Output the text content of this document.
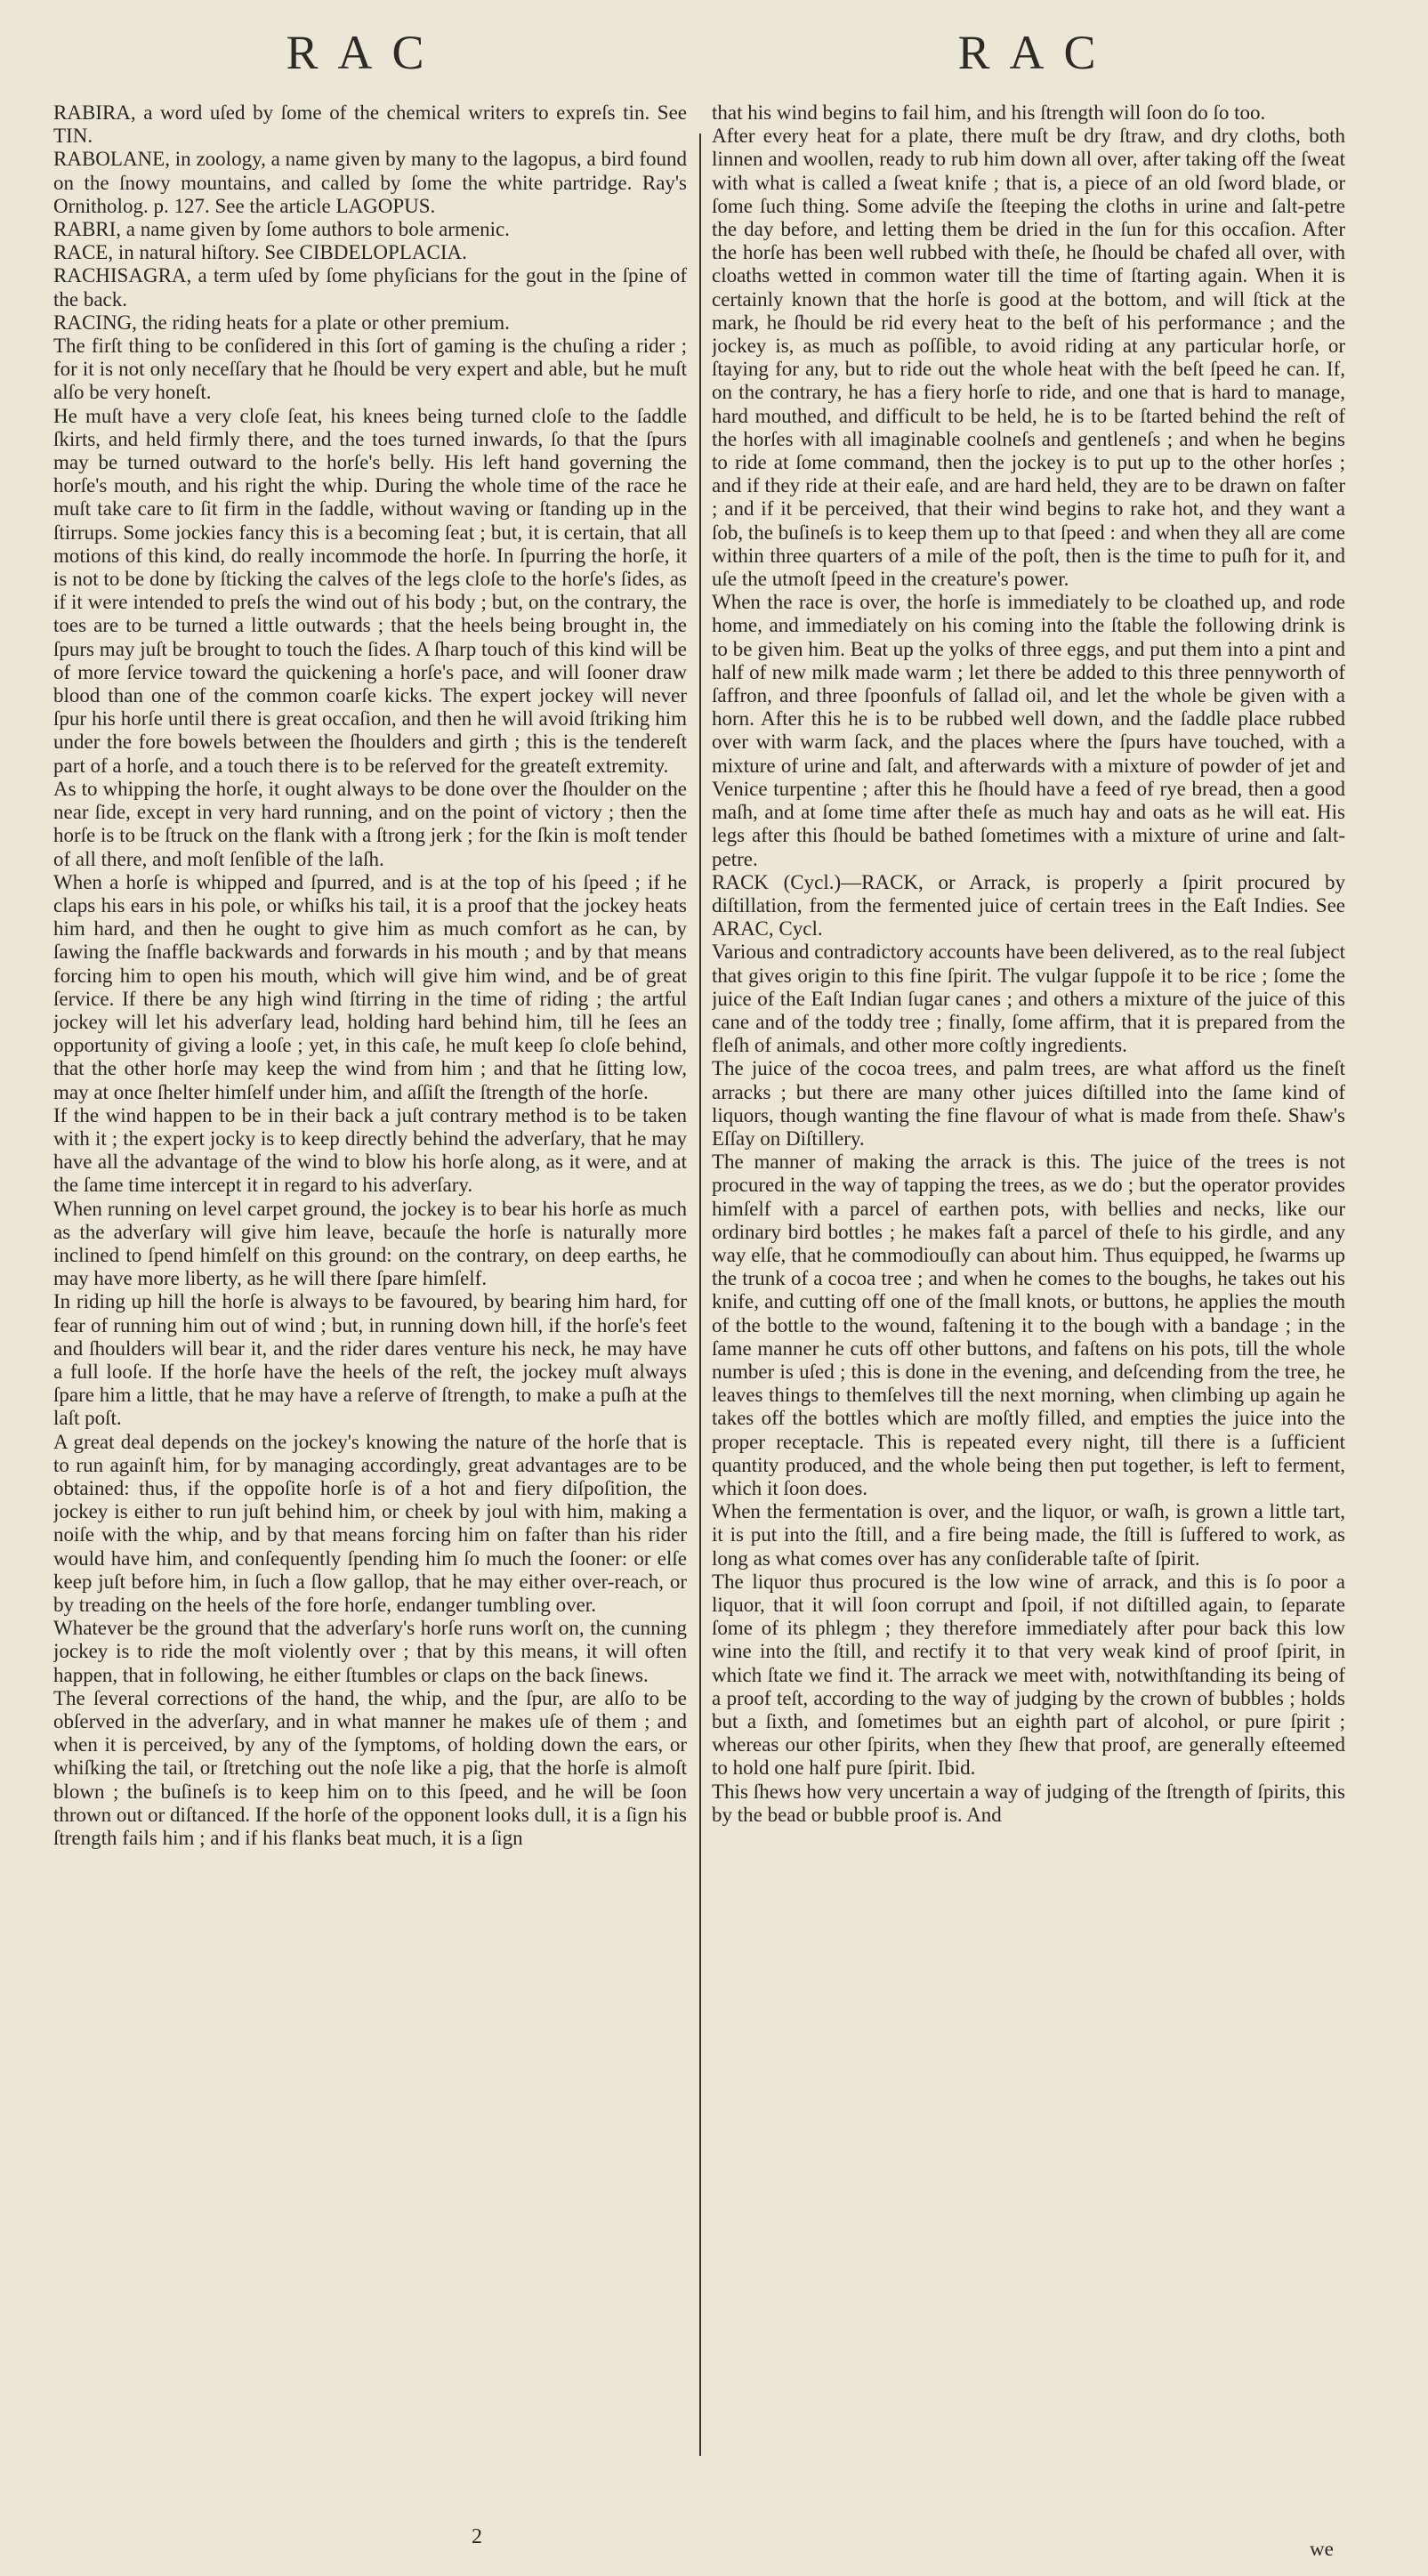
RAC	RAC

RABIRA, a word uſed by ſome of the chemical writers to expreſs tin. See TIN.

RABOLANE, in zoology, a name given by many to the lagopus, a bird found on the ſnowy mountains, and called by ſome the white partridge. Ray's Ornitholog. p. 127. See the article LAGOPUS.

RABRI, a name given by ſome authors to bole armenic.

RACE, in natural hiſtory. See CIBDELOPLACIA.

RACHISAGRA, a term uſed by ſome phyſicians for the gout in the ſpine of the back.

RACING, the riding heats for a plate or other premium.

The firſt thing to be conſidered in this ſort of gaming is the chuſing a rider ; for it is not only neceſſary that he ſhould be very expert and able, but he muſt alſo be very honeſt.

He muſt have a very cloſe ſeat, his knees being turned cloſe to the ſaddle ſkirts, and held firmly there, and the toes turned inwards, ſo that the ſpurs may be turned outward to the horſe's belly. His left hand governing the horſe's mouth, and his right the whip. During the whole time of the race he muſt take care to ſit firm in the ſaddle, without waving or ſtanding up in the ſtirrups. Some jockies fancy this is a becoming ſeat ; but, it is certain, that all motions of this kind, do really incommode the horſe. In ſpurring the horſe, it is not to be done by ſticking the calves of the legs cloſe to the horſe's ſides, as if it were intended to preſs the wind out of his body ; but, on the contrary, the toes are to be turned a little outwards ; that the heels being brought in, the ſpurs may juſt be brought to touch the ſides. A ſharp touch of this kind will be of more ſervice toward the quickening a horſe's pace, and will ſooner draw blood than one of the common coarſe kicks. The expert jockey will never ſpur his horſe until there is great occaſion, and then he will avoid ſtriking him under the fore bowels between the ſhoulders and girth ; this is the tendereſt part of a horſe, and a touch there is to be reſerved for the greateſt extremity.

As to whipping the horſe, it ought always to be done over the ſhoulder on the near ſide, except in very hard running, and on the point of victory ; then the horſe is to be ſtruck on the flank with a ſtrong jerk ; for the ſkin is moſt tender of all there, and moſt ſenſible of the laſh.

When a horſe is whipped and ſpurred, and is at the top of his ſpeed ; if he claps his ears in his pole, or whiſks his tail, it is a proof that the jockey heats him hard, and then he ought to give him as much comfort as he can, by ſawing the ſnaffle backwards and forwards in his mouth ; and by that means forcing him to open his mouth, which will give him wind, and be of great ſervice. If there be any high wind ſtirring in the time of riding ; the artful jockey will let his adverſary lead, holding hard behind him, till he ſees an opportunity of giving a looſe ; yet, in this caſe, he muſt keep ſo cloſe behind, that the other horſe may keep the wind from him ; and that he ſitting low, may at once ſhelter himſelf under him, and aſſiſt the ſtrength of the horſe.

If the wind happen to be in their back a juſt contrary method is to be taken with it ; the expert jocky is to keep directly behind the adverſary, that he may have all the advantage of the wind to blow his horſe along, as it were, and at the ſame time intercept it in regard to his adverſary.

When running on level carpet ground, the jockey is to bear his horſe as much as the adverſary will give him leave, becauſe the horſe is naturally more inclined to ſpend himſelf on this ground: on the contrary, on deep earths, he may have more liberty, as he will there ſpare himſelf.

In riding up hill the horſe is always to be favoured, by bearing him hard, for fear of running him out of wind ; but, in running down hill, if the horſe's feet and ſhoulders will bear it, and the rider dares venture his neck, he may have a full looſe. If the horſe have the heels of the reſt, the jockey muſt always ſpare him a little, that he may have a reſerve of ſtrength, to make a puſh at the laſt poſt.

A great deal depends on the jockey's knowing the nature of the horſe that is to run againſt him, for by managing accordingly, great advantages are to be obtained: thus, if the oppoſite horſe is of a hot and fiery diſpoſition, the jockey is either to run juſt behind him, or cheek by joul with him, making a noiſe with the whip, and by that means forcing him on faſter than his rider would have him, and conſequently ſpending him ſo much the ſooner: or elſe keep juſt before him, in ſuch a ſlow gallop, that he may either over-reach, or by treading on the heels of the fore horſe, endanger tumbling over.

Whatever be the ground that the adverſary's horſe runs worſt on, the cunning jockey is to ride the moſt violently over ; that by this means, it will often happen, that in following, he either ſtumbles or claps on the back ſinews.

The ſeveral corrections of the hand, the whip, and the ſpur, are alſo to be obſerved in the adverſary, and in what manner he makes uſe of them ; and when it is perceived, by any of the ſymptoms, of holding down the ears, or whiſking the tail, or ſtretching out the noſe like a pig, that the horſe is almoſt blown ; the buſineſs is to keep him on to this ſpeed, and he will be ſoon thrown out or diſtanced. If the horſe of the opponent looks dull, it is a ſign his ſtrength fails him ; and if his flanks beat much, it is a ſign

that his wind begins to fail him, and his ſtrength will ſoon do ſo too.

After every heat for a plate, there muſt be dry ſtraw, and dry cloths, both linnen and woollen, ready to rub him down all over, after taking off the ſweat with what is called a ſweat knife ; that is, a piece of an old ſword blade, or ſome ſuch thing. Some adviſe the ſteeping the cloths in urine and ſalt-petre the day before, and letting them be dried in the ſun for this occaſion. After the horſe has been well rubbed with theſe, he ſhould be chafed all over, with cloaths wetted in common water till the time of ſtarting again. When it is certainly known that the horſe is good at the bottom, and will ſtick at the mark, he ſhould be rid every heat to the beſt of his performance ; and the jockey is, as much as poſſible, to avoid riding at any particular horſe, or ſtaying for any, but to ride out the whole heat with the beſt ſpeed he can. If, on the contrary, he has a fiery horſe to ride, and one that is hard to manage, hard mouthed, and difficult to be held, he is to be ſtarted behind the reſt of the horſes with all imaginable coolneſs and gentleneſs ; and when he begins to ride at ſome command, then the jockey is to put up to the other horſes ; and if they ride at their eaſe, and are hard held, they are to be drawn on faſter ; and if it be perceived, that their wind begins to rake hot, and they want a ſob, the buſineſs is to keep them up to that ſpeed : and when they all are come within three quarters of a mile of the poſt, then is the time to puſh for it, and uſe the utmoſt ſpeed in the creature's power.

When the race is over, the horſe is immediately to be cloathed up, and rode home, and immediately on his coming into the ſtable the following drink is to be given him. Beat up the yolks of three eggs, and put them into a pint and half of new milk made warm ; let there be added to this three pennyworth of ſaffron, and three ſpoonfuls of ſallad oil, and let the whole be given with a horn. After this he is to be rubbed well down, and the ſaddle place rubbed over with warm ſack, and the places where the ſpurs have touched, with a mixture of urine and ſalt, and afterwards with a mixture of powder of jet and Venice turpentine ; after this he ſhould have a feed of rye bread, then a good maſh, and at ſome time after theſe as much hay and oats as he will eat. His legs after this ſhould be bathed ſometimes with a mixture of urine and ſalt-petre.

RACK (Cycl.)—RACK, or Arrack, is properly a ſpirit procured by diſtillation, from the fermented juice of certain trees in the Eaſt Indies. See ARAC, Cycl.

Various and contradictory accounts have been delivered, as to the real ſubject that gives origin to this fine ſpirit. The vulgar ſuppoſe it to be rice ; ſome the juice of the Eaſt Indian ſugar canes ; and others a mixture of the juice of this cane and of the toddy tree ; finally, ſome affirm, that it is prepared from the fleſh of animals, and other more coſtly ingredients.

The juice of the cocoa trees, and palm trees, are what afford us the fineſt arracks ; but there are many other juices diſtilled into the ſame kind of liquors, though wanting the fine flavour of what is made from theſe. Shaw's Eſſay on Diſtillery.

The manner of making the arrack is this. The juice of the trees is not procured in the way of tapping the trees, as we do ; but the operator provides himſelf with a parcel of earthen pots, with bellies and necks, like our ordinary bird bottles ; he makes faſt a parcel of theſe to his girdle, and any way elſe, that he commodiouſly can about him. Thus equipped, he ſwarms up the trunk of a cocoa tree ; and when he comes to the boughs, he takes out his knife, and cutting off one of the ſmall knots, or buttons, he applies the mouth of the bottle to the wound, faſtening it to the bough with a bandage ; in the ſame manner he cuts off other buttons, and faſtens on his pots, till the whole number is uſed ; this is done in the evening, and deſcending from the tree, he leaves things to themſelves till the next morning, when climbing up again he takes off the bottles which are moſtly filled, and empties the juice into the proper receptacle. This is repeated every night, till there is a ſufficient quantity produced, and the whole being then put together, is left to ferment, which it ſoon does.

When the fermentation is over, and the liquor, or waſh, is grown a little tart, it is put into the ſtill, and a fire being made, the ſtill is ſuffered to work, as long as what comes over has any conſiderable taſte of ſpirit.

The liquor thus procured is the low wine of arrack, and this is ſo poor a liquor, that it will ſoon corrupt and ſpoil, if not diſtilled again, to ſeparate ſome of its phlegm ; they therefore immediately after pour back this low wine into the ſtill, and rectify it to that very weak kind of proof ſpirit, in which ſtate we find it. The arrack we meet with, notwithſtanding its being of a proof teſt, according to the way of judging by the crown of bubbles ; holds but a ſixth, and ſometimes but an eighth part of alcohol, or pure ſpirit ; whereas our other ſpirits, when they ſhew that proof, are generally eſteemed to hold one half pure ſpirit. Ibid.

This ſhews how very uncertain a way of judging of the ſtrength of ſpirits, this by the bead or bubble proof is. And

2
we
